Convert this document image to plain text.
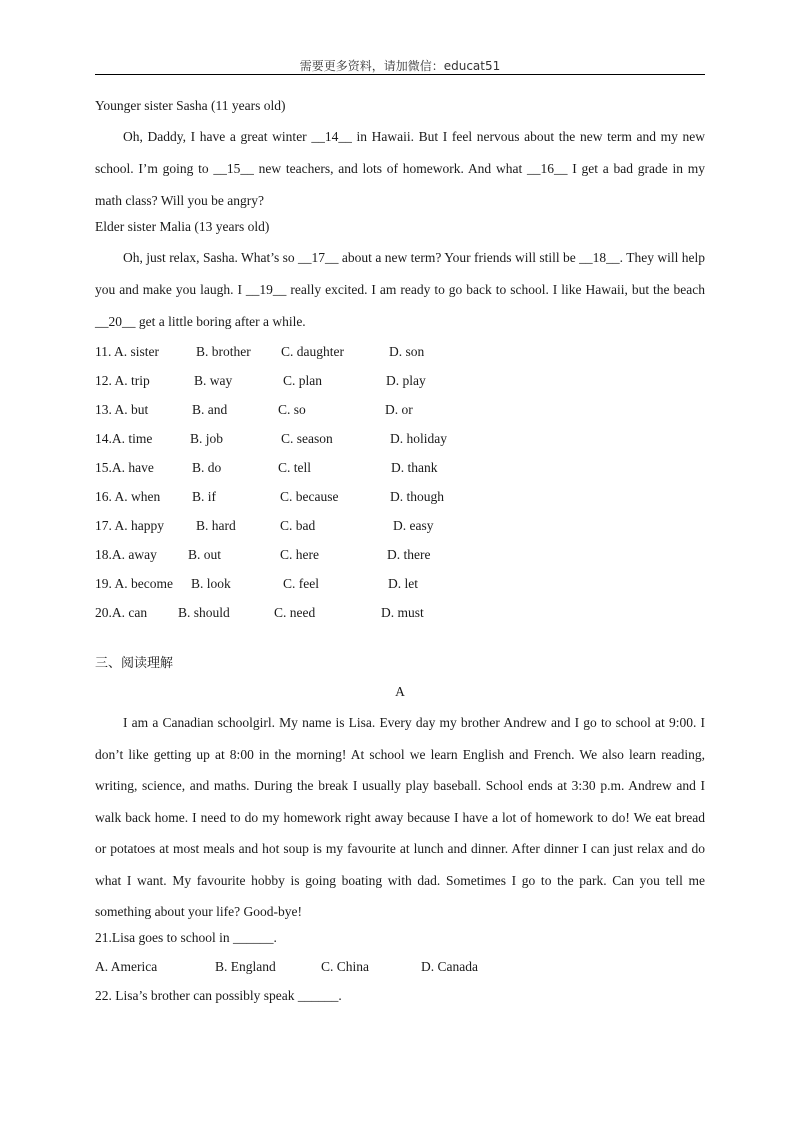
需要更多资料，请加微信：educat51
Younger sister Sasha (11 years old)

Oh, Daddy, I have a great winter __14__ in Hawaii. But I feel nervous about the new term and my new school. I’m going to __15__ new teachers, and lots of homework. And what __16__ I get a bad grade in my math class? Will you be angry?

Elder sister Malia (13 years old)

Oh, just relax, Sasha. What’s so __17__ about a new term? Your friends will still be __18__. They will help you and make you laugh. I __19__ really excited. I am ready to go back to school. I like Hawaii, but the beach __20__ get a little boring after a while.

11. A. sister	B. brother C. daughter	D. son
12. A. trip	B. way	C. plan	D. play
13. A. but	B. and	C. so	D. or
14.A. time	B. job	C. season	D. holiday
15.A. have	B. do	C. tell	D. thank
16. A. when B. if	C. because	D. though
17. A. happy B. hard	C. bad	D. easy
18.A. away B. out	C. here	D. there
19. A. become B. look	C. feel	D. let
20.A. can B. should	C. need	D. must
三、阅读理解
A

I am a Canadian schoolgirl. My name is Lisa. Every day my brother Andrew and I go to school at 9:00. I don’t like getting up at 8:00 in the morning! At school we learn English and French. We also learn reading, writing, science, and maths. During the break I usually play baseball. School ends at 3:30 p.m. Andrew and I walk back home. I need to do my homework right away because I have a lot of homework to do! We eat bread or potatoes at most meals and hot soup is my favourite at lunch and dinner. After dinner I can just relax and do what I want. My favourite hobby is going boating with dad. Sometimes I go to the park. Can you tell me something about your life? Good-bye!

21.Lisa goes to school in ______.
A. America	B. England	C. China	D. Canada
22. Lisa’s brother can possibly speak ______.
